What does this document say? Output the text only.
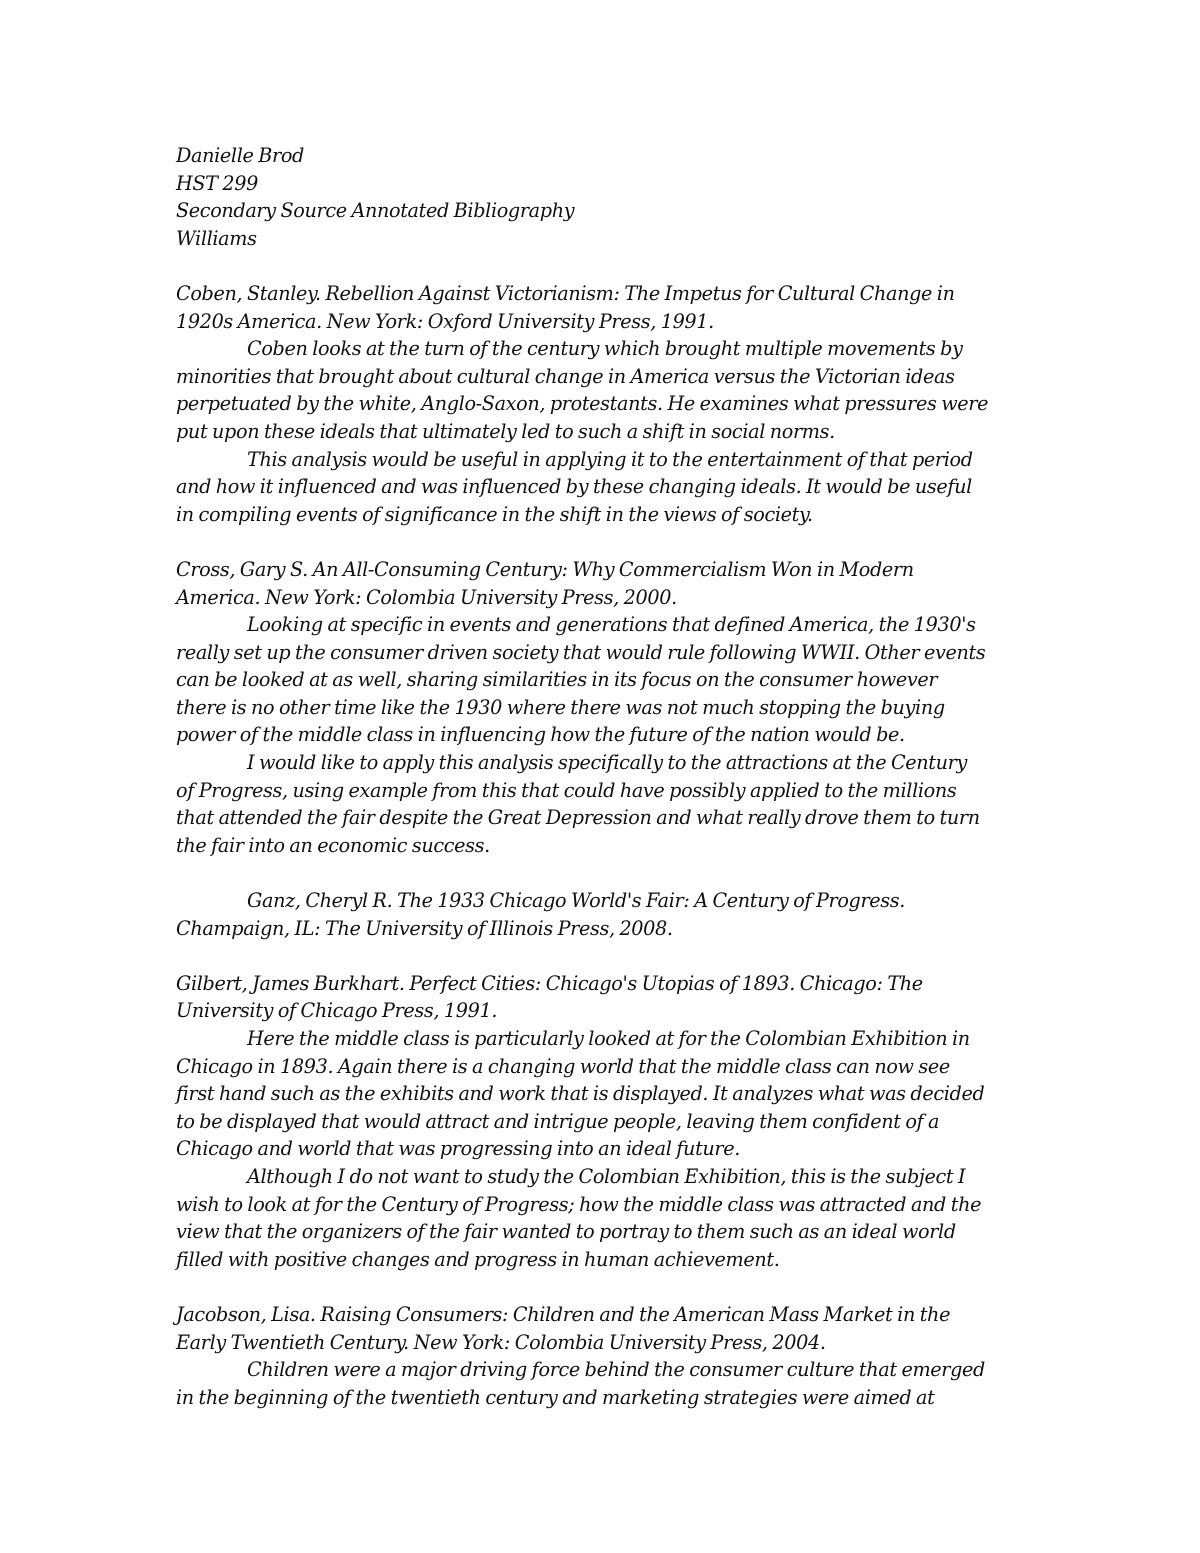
Danielle Brod
HST 299
Secondary Source Annotated Bibliography
Williams
Coben, Stanley. Rebellion Against Victorianism: The Impetus for Cultural Change in
1920s America. New York: Oxford University Press, 1991.
Coben looks at the turn of the century which brought multiple movements by
minorities that brought about cultural change in America versus the Victorian ideas
perpetuated by the white, Anglo-Saxon, protestants. He examines what pressures were
put upon these ideals that ultimately led to such a shift in social norms.
This analysis would be useful in applying it to the entertainment of that period
and how it influenced and was influenced by these changing ideals. It would be useful
in compiling events of significance in the shift in the views of society.
Cross, Gary S. An All-Consuming Century: Why Commercialism Won in Modern
America. New York: Colombia University Press, 2000.
Looking at specific in events and generations that defined America, the 1930's
really set up the consumer driven society that would rule following WWII. Other events
can be looked at as well, sharing similarities in its focus on the consumer however
there is no other time like the 1930 where there was not much stopping the buying
power of the middle class in influencing how the future of the nation would be.
I would like to apply this analysis specifically to the attractions at the Century
of Progress, using example from this that could have possibly applied to the millions
that attended the fair despite the Great Depression and what really drove them to turn
the fair into an economic success.
Ganz, Cheryl R. The 1933 Chicago World's Fair: A Century of Progress.
Champaign, IL: The University of Illinois Press, 2008.
Gilbert, James Burkhart. Perfect Cities: Chicago's Utopias of 1893. Chicago: The
University of Chicago Press, 1991.
Here the middle class is particularly looked at for the Colombian Exhibition in
Chicago in 1893. Again there is a changing world that the middle class can now see
first hand such as the exhibits and work that is displayed. It analyzes what was decided
to be displayed that would attract and intrigue people, leaving them confident of a
Chicago and world that was progressing into an ideal future.
Although I do not want to study the Colombian Exhibition, this is the subject I
wish to look at for the Century of Progress; how the middle class was attracted and the
view that the organizers of the fair wanted to portray to them such as an ideal world
filled with positive changes and progress in human achievement.
Jacobson, Lisa. Raising Consumers: Children and the American Mass Market in the
Early Twentieth Century. New York: Colombia University Press, 2004.
Children were a major driving force behind the consumer culture that emerged
in the beginning of the twentieth century and marketing strategies were aimed at
